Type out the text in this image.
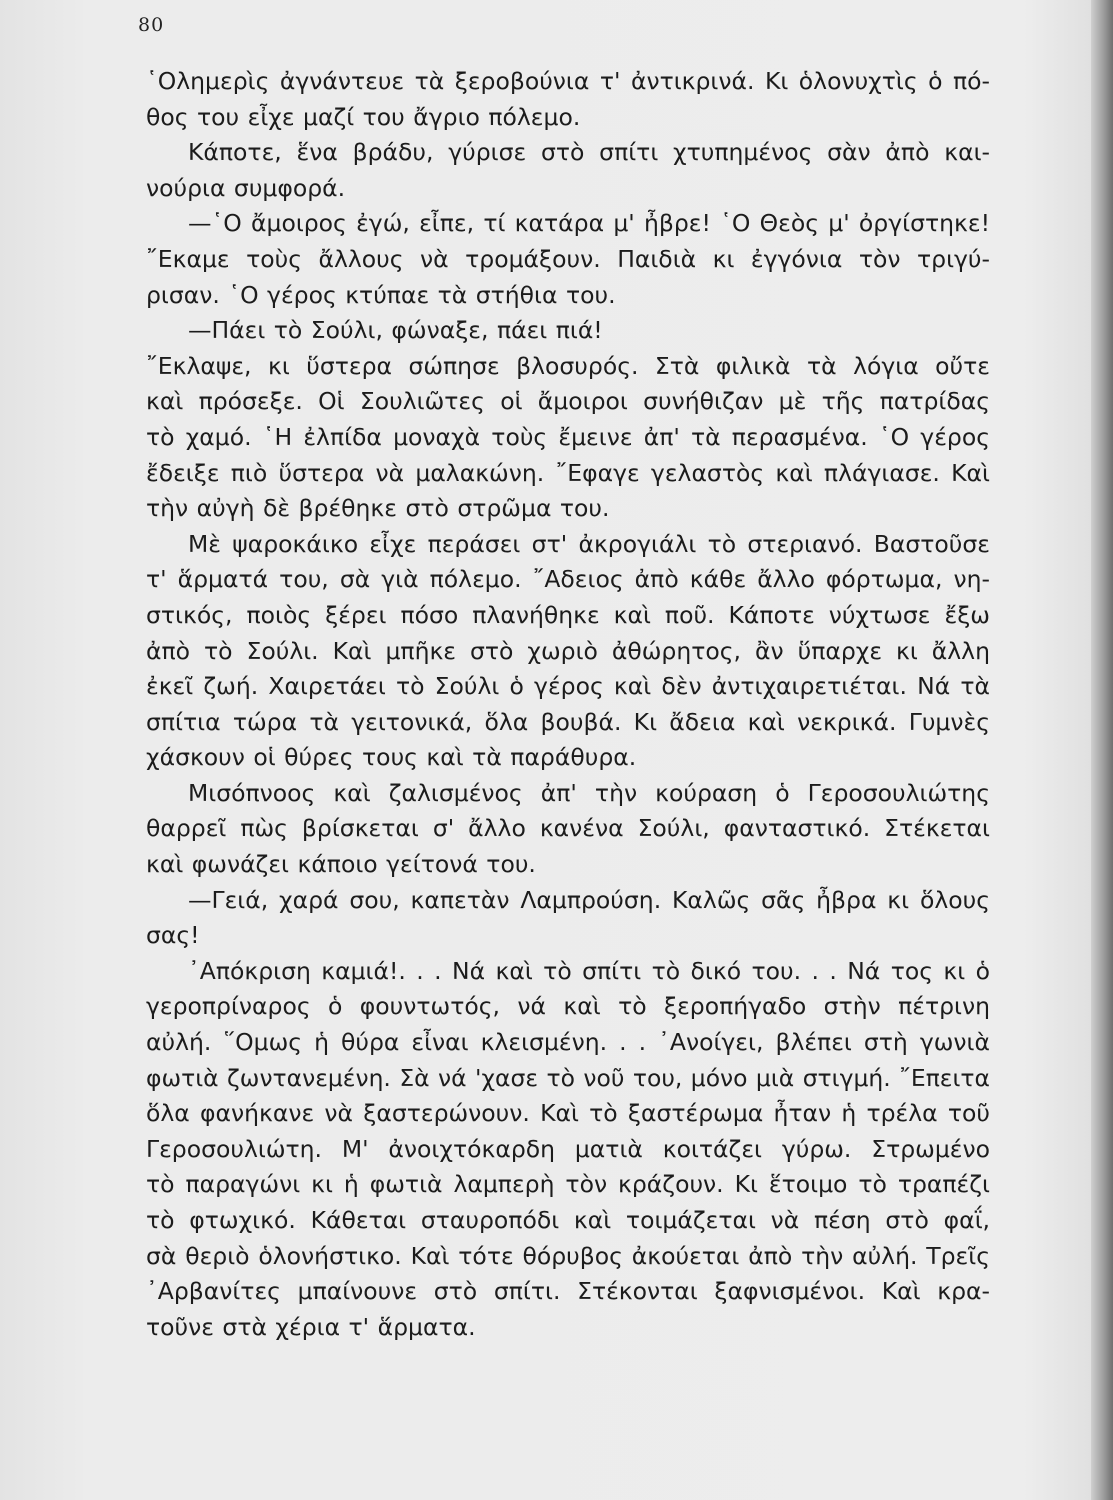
80
῾Ολημερὶς ἀγνάντευε τὰ ξεροβούνια τ' ἀντικρινά. Κι ὁλονυχτὶς ὁ πό-
θος του εἶχε μαζί του ἄγριο πόλεμο.
Κάποτε, ἕνα βράδυ, γύρισε στὸ σπίτι χτυπημένος σὰν ἀπὸ και-
νούρια συμφορά.
—῾Ο ἄμοιρος ἐγώ, εἶπε, τί κατάρα μ' ἦβρε! ῾Ο Θεὸς μ' ὀργίστηκε!
῎Εκαμε τοὺς ἄλλους νὰ τρομάξουν. Παιδιὰ κι ἐγγόνια τὸν τριγύ-
ρισαν. ῾Ο γέρος κτύπαε τὰ στήθια του.
—Πάει τὸ Σούλι, φώναξε, πάει πιά!
῎Εκλαψε, κι ὕστερα σώπησε βλοσυρός. Στὰ φιλικὰ τὰ λόγια οὔτε
καὶ πρόσεξε. Οἱ Σουλιῶτες οἱ ἄμοιροι συνήθιζαν μὲ τῆς πατρίδας
τὸ χαμό. ῾Η ἐλπίδα μοναχὰ τοὺς ἔμεινε ἀπ' τὰ περασμένα. ῾Ο γέρος
ἔδειξε πιὸ ὕστερα νὰ μαλακώνη. ῎Εφαγε γελαστὸς καὶ πλάγιασε. Καὶ
τὴν αὐγὴ δὲ βρέθηκε στὸ στρῶμα του.
Μὲ ψαροκάικο εἶχε περάσει στ' ἀκρογιάλι τὸ στεριανό. Βαστοῦσε
τ' ἅρματά του, σὰ γιὰ πόλεμο. ῎Αδειος ἀπὸ κάθε ἄλλο φόρτωμα, νη-
στικός, ποιὸς ξέρει πόσο πλανήθηκε καὶ ποῦ. Κάποτε νύχτωσε ἔξω
ἀπὸ τὸ Σούλι. Καὶ μπῆκε στὸ χωριὸ ἀθώρητος, ἂν ὕπαρχε κι ἄλλη
ἐκεῖ ζωή. Χαιρετάει τὸ Σούλι ὁ γέρος καὶ δὲν ἀντιχαιρετιέται. Νά τὰ
σπίτια τώρα τὰ γειτονικά, ὅλα βουβά. Κι ἄδεια καὶ νεκρικά. Γυμνὲς
χάσκουν οἱ θύρες τους καὶ τὰ παράθυρα.
Μισόπνοος καὶ ζαλισμένος ἀπ' τὴν κούραση ὁ Γεροσουλιώτης
θαρρεῖ πὼς βρίσκεται σ' ἄλλο κανένα Σούλι, φανταστικό. Στέκεται
καὶ φωνάζει κάποιο γείτονά του.
—Γειά, χαρά σου, καπετὰν Λαμπρούση. Καλῶς σᾶς ἦβρα κι ὅλους
σας!
᾿Απόκριση καμιά!. . . Νά καὶ τὸ σπίτι τὸ δικό του. . . Νά τος κι ὁ
γεροπρίναρος ὁ φουντωτός, νά καὶ τὸ ξεροπήγαδο στὴν πέτρινη
αὐλή. ῞Ομως ἡ θύρα εἶναι κλεισμένη. . . ᾿Ανοίγει, βλέπει στὴ γωνιὰ
φωτιὰ ζωντανεμένη. Σὰ νά 'χασε τὸ νοῦ του, μόνο μιὰ στιγμή. ῎Επειτα
ὅλα φανήκανε νὰ ξαστερώνουν. Καὶ τὸ ξαστέρωμα ἦταν ἡ τρέλα τοῦ
Γεροσουλιώτη. Μ' ἀνοιχτόκαρδη ματιὰ κοιτάζει γύρω. Στρωμένο
τὸ παραγώνι κι ἡ φωτιὰ λαμπερὴ τὸν κράζουν. Κι ἕτοιμο τὸ τραπέζι
τὸ φτωχικό. Κάθεται σταυροπόδι καὶ τοιμάζεται νὰ πέση στὸ φαΐ,
σὰ θεριὸ ὁλονήστικο. Καὶ τότε θόρυβος ἀκούεται ἀπὸ τὴν αὐλή. Τρεῖς
᾿Αρβανίτες μπαίνουνε στὸ σπίτι. Στέκονται ξαφνισμένοι. Καὶ κρα-
τοῦνε στὰ χέρια τ' ἅρματα.
